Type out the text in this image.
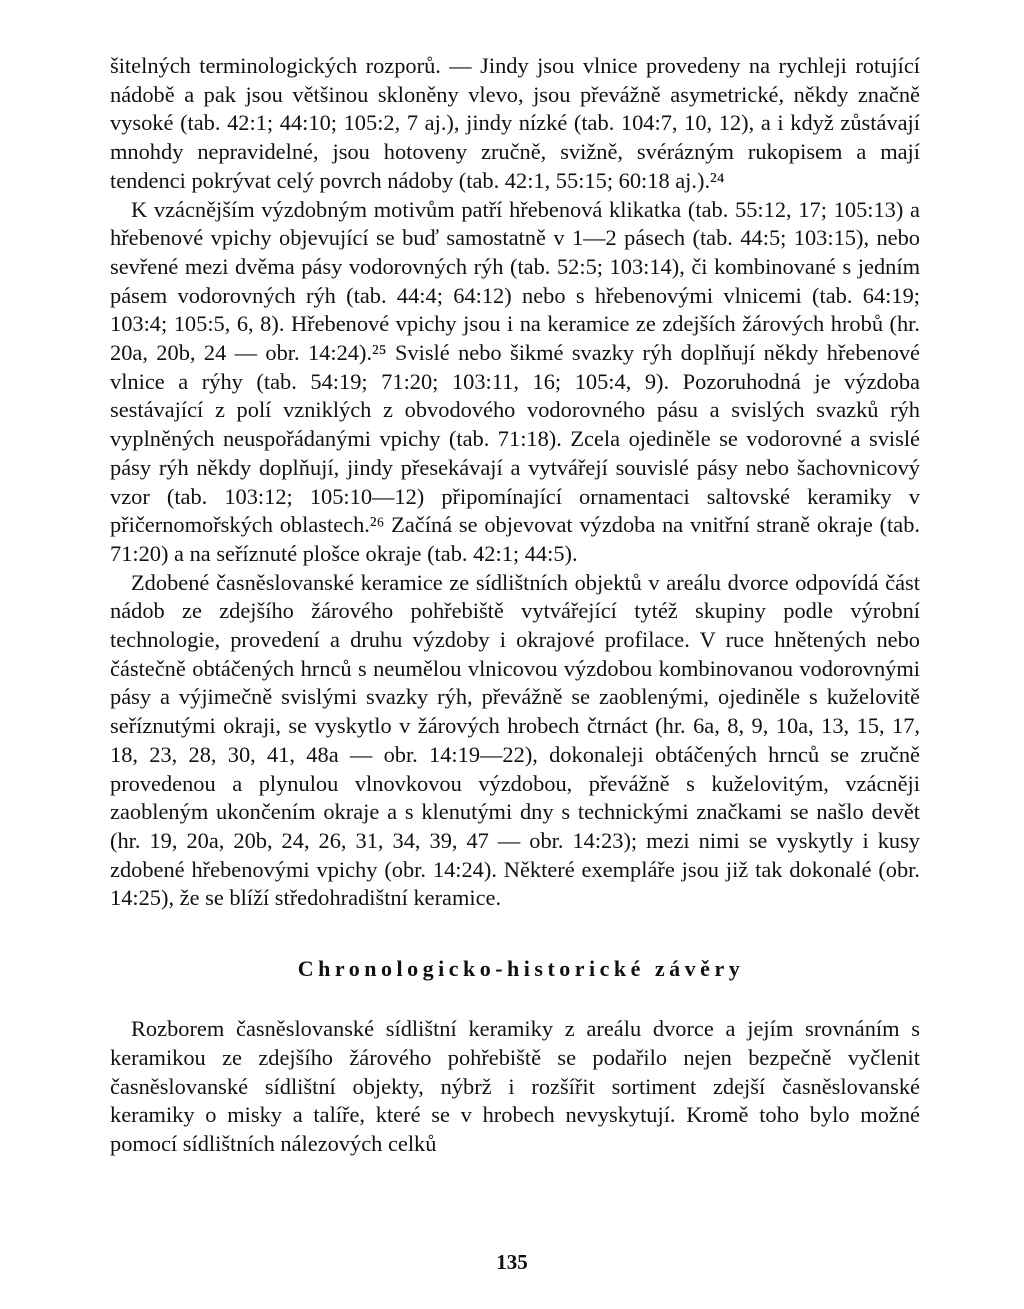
šitelných terminologických rozporů. — Jindy jsou vlnice provedeny na rychleji rotující nádobě a pak jsou většinou skloněny vlevo, jsou převážně asymetrické, někdy značně vysoké (tab. 42:1; 44:10; 105:2, 7 aj.), jindy nízké (tab. 104:7, 10, 12), a i když zůstávají mnohdy nepravidelné, jsou hotoveny zručně, svižně, svérázným rukopisem a mají tendenci pokrývat celý povrch nádoby (tab. 42:1, 55:15; 60:18 aj.).²⁴

K vzácnějším výzdobným motivům patří hřebenová klikatka (tab. 55:12, 17; 105:13) a hřebenové vpichy objevující se buď samostatně v 1—2 pásech (tab. 44:5; 103:15), nebo sevřené mezi dvěma pásy vodorovných rýh (tab. 52:5; 103:14), či kombinované s jedním pásem vodorovných rýh (tab. 44:4; 64:12) nebo s hřebenovými vlnicemi (tab. 64:19; 103:4; 105:5, 6, 8). Hřebenové vpichy jsou i na keramice ze zdejších žárových hrobů (hr. 20a, 20b, 24 — obr. 14:24).²⁵ Svislé nebo šikmé svazky rýh doplňují někdy hřebenové vlnice a rýhy (tab. 54:19; 71:20; 103:11, 16; 105:4, 9). Pozoruhodná je výzdoba sestávající z polí vzniklých z obvodového vodorovného pásu a svislých svazků rýh vyplněných neuspořádanými vpichy (tab. 71:18). Zcela ojediněle se vodorovné a svislé pásy rýh někdy doplňují, jindy přesekávají a vytvářejí souvislé pásy nebo šachovnicový vzor (tab. 103:12; 105:10—12) připomínající ornamentaci saltovské keramiky v přičernomořských oblastech.²⁶ Začíná se objevovat výzdoba na vnitřní straně okraje (tab. 71:20) a na seříznuté plošce okraje (tab. 42:1; 44:5).

Zdobené časněslovanské keramice ze sídlištních objektů v areálu dvorce odpovídá část nádob ze zdejšího žárového pohřebiště vytvářející tytéž skupiny podle výrobní technologie, provedení a druhu výzdoby i okrajové profilace. V ruce hnětených nebo částečně obtáčených hrnců s neumělou vlnicovou výzdobou kombinovanou vodorovnými pásy a výjimečně svislými svazky rýh, převážně se zaoblenými, ojediněle s kuželovitě seříznutými okraji, se vyskytlo v žárových hrobech čtrnáct (hr. 6a, 8, 9, 10a, 13, 15, 17, 18, 23, 28, 30, 41, 48a — obr. 14:19—22), dokonaleji obtáčených hrnců se zručně provedenou a plynulou vlnovkovou výzdobou, převážně s kuželovitým, vzácněji zaobleným ukončením okraje a s klenutými dny s technickými značkami se našlo devět (hr. 19, 20a, 20b, 24, 26, 31, 34, 39, 47 — obr. 14:23); mezi nimi se vyskytly i kusy zdobené hřebenovými vpichy (obr. 14:24). Některé exempláře jsou již tak dokonalé (obr. 14:25), že se blíží středohradištní keramice.

Chronologicko-historické závěry

Rozborem časněslovanské sídlištní keramiky z areálu dvorce a jejím srovnáním s keramikou ze zdejšího žárového pohřebiště se podařilo nejen bezpečně vyčlenit časněslovanské sídlištní objekty, nýbrž i rozšířit sortiment zdejší časněslovanské keramiky o misky a talíře, které se v hrobech nevyskytují. Kromě toho bylo možné pomocí sídlištních nálezových celků

135
